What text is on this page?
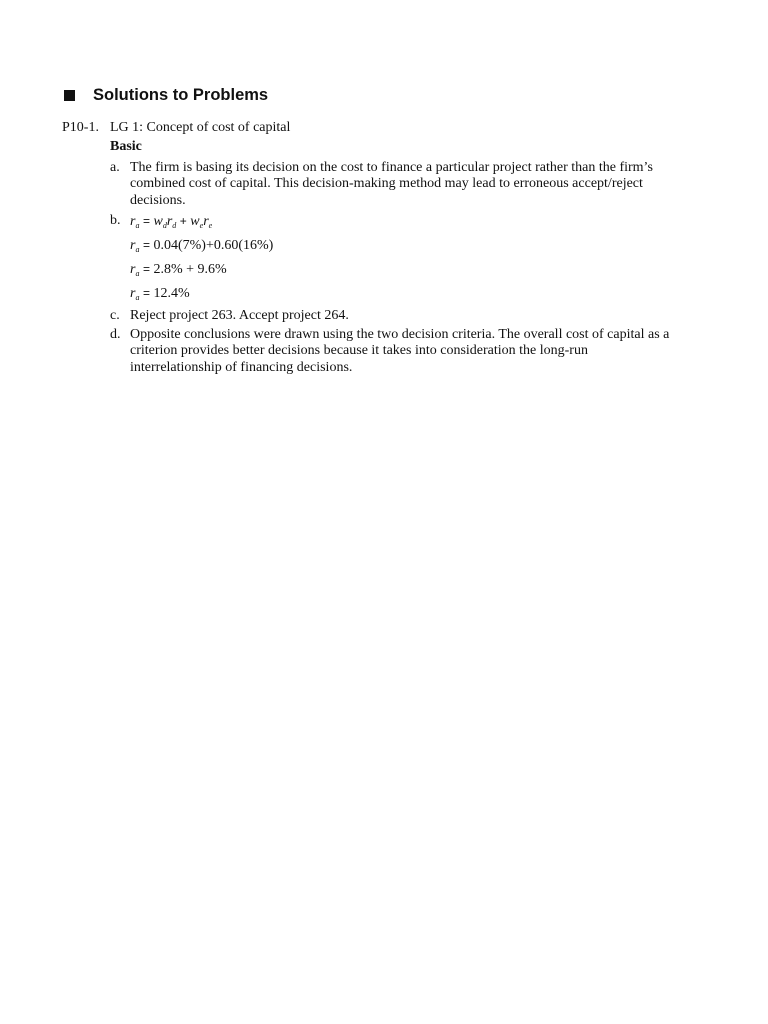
Solutions to Problems
P10-1. LG 1: Concept of cost of capital
Basic
a. The firm is basing its decision on the cost to finance a particular project rather than the firm’s combined cost of capital. This decision-making method may lead to erroneous accept/reject decisions.
b. $r_a = w_dr_d + w_er_e$
$r_a = 0.04(7\%)+0.60(16\%)$
$r_a = 2.8\% + 9.6\%$
$r_a = 12.4\%$
c. Reject project 263. Accept project 264.
d. Opposite conclusions were drawn using the two decision criteria. The overall cost of capital as a criterion provides better decisions because it takes into consideration the long-run interrelationship of financing decisions.
